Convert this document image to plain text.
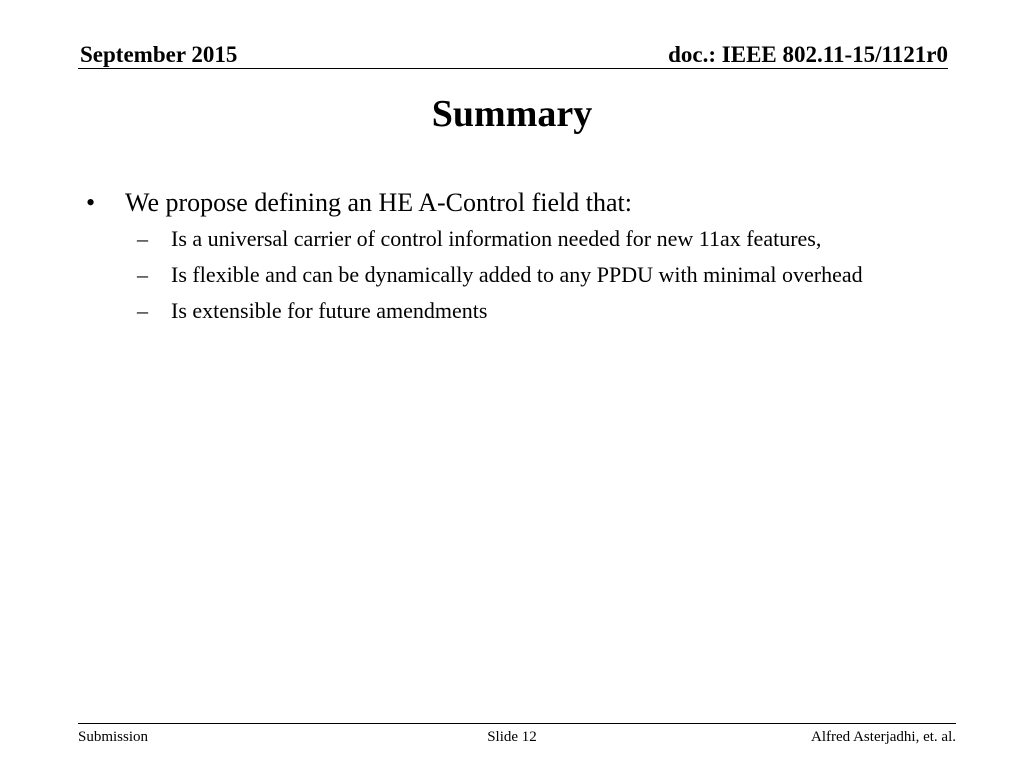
September 2015	doc.: IEEE 802.11-15/1121r0
Summary
•	We propose defining an HE A-Control field that:
– Is a universal carrier of control information needed for new 11ax features,
– Is flexible and can be dynamically added to any PPDU with minimal overhead
– Is extensible for future amendments
Submission	Slide 12	Alfred Asterjadhi, et. al.
